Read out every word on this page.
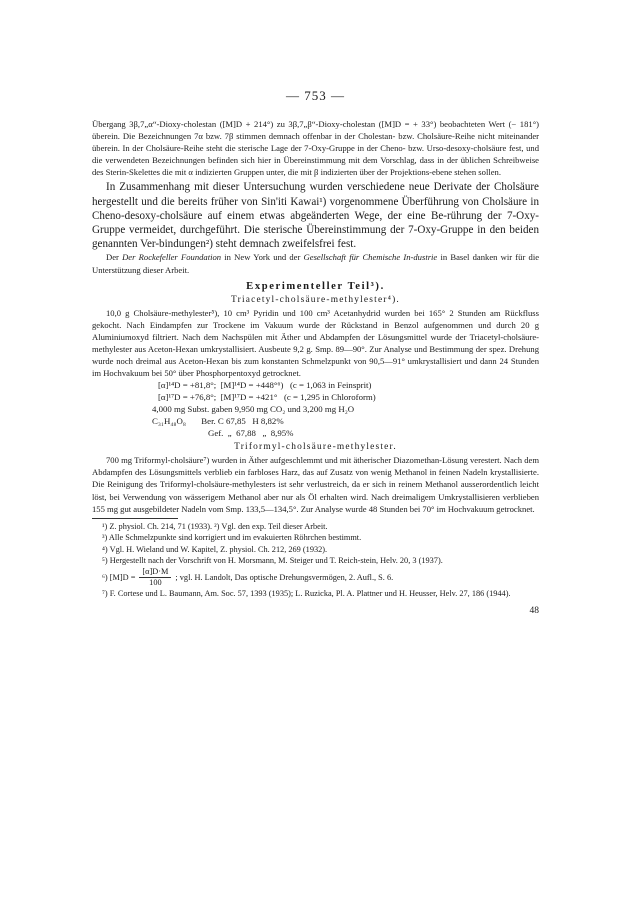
— 753 —

Übergang 3β,7„α“-Dioxy-cholestan ([M]D + 214°) zu 3β,7„β“-Dioxy-cholestan ([M]D = + 33°) beobachteten Wert (− 181°) überein. Die Bezeichnungen 7α bzw. 7β stimmen demnach offenbar in der Cholestan- bzw. Cholsäure-Reihe nicht miteinander überein. In der Cholsäure-Reihe steht die sterische Lage der 7-Oxy-Gruppe in der Cheno- bzw. Urso-desoxy-cholsäure fest, und die verwendeten Bezeichnungen befinden sich hier in Übereinstimmung mit dem Vorschlag, dass in der üblichen Schreibweise des Sterin-Skelettes die mit α indizierten Gruppen unter, die mit β indizierten über der Projektions-ebene stehen sollen.

In Zusammenhang mit dieser Untersuchung wurden verschiedene neue Derivate der Cholsäure hergestellt und die bereits früher von Sin'iti Kawai¹) vorgenommene Überführung von Cholsäure in Cheno-desoxy-cholsäure auf einem etwas abgeänderten Wege, der eine Be-rührung der 7-Oxy-Gruppe vermeidet, durchgeführt. Die sterische Übereinstimmung der 7-Oxy-Gruppe in den beiden genannten Ver-bindungen²) steht demnach zweifelsfrei fest.

Der Der Rockefeller Foundation in New York und der Gesellschaft für Chemische In-dustrie in Basel danken wir für die Unterstützung dieser Arbeit.

Experimenteller Teil³).
Triacetyl-cholsäure-methylester⁴).

10,0 g Cholsäure-methylester⁵), 10 cm³ Pyridin und 100 cm³ Acetanhydrid wurden bei 165° 2 Stunden am Rückfluss gekocht. Nach Eindampfen zur Trockene im Vakuum wurde der Rückstand in Benzol aufgenommen und durch 20 g Aluminiumoxyd filtriert. Nach dem Nachspülen mit Äther und Abdampfen der Lösungsmittel wurde der Triacetyl-cholsäure-methylester aus Aceton-Hexan umkrystallisiert. Ausbeute 9,2 g. Smp. 89—90°. Zur Analyse und Bestimmung der spez. Drehung wurde noch dreimal aus Aceton-Hexan bis zum konstanten Schmelzpunkt von 90,5—91° umkrystallisiert und dann 24 Stunden im Hochvakuum bei 50° über Phosphorpentoxyd getrocknet.

[α]¹⁴D = +81,8°;  [M]¹⁴D = +448°⁶)   (c = 1,063 in Feinsprit)

[α]¹⁷D = +76,8°;  [M]¹⁷D = +421°   (c = 1,295 in Chloroform)

4,000 mg Subst. gaben 9,950 mg CO₂ und 3,200 mg H₂O

C₃₁H₄₈O₈       Ber. C 67,85   H 8,82%

Gef.  „  67,88   „  8,95%

Triformyl-cholsäure-methylester.

700 mg Triformyl-cholsäure⁷) wurden in Äther aufgeschlemmt und mit ätherischer Diazomethan-Lösung verestert. Nach dem Abdampfen des Lösungsmittels verblieb ein farbloses Harz, das auf Zusatz von wenig Methanol in feinen Nadeln krystallisierte. Die Reinigung des Triformyl-cholsäure-methylesters ist sehr verlustreich, da er sich in reinem Methanol ausserordentlich leicht löst, bei Verwendung von wässerigem Methanol aber nur als Öl erhalten wird. Nach dreimaligem Umkrystallisieren verblieben 155 mg gut ausgebildeter Nadeln vom Smp. 133,5—134,5°. Zur Analyse wurde 48 Stunden bei 70° im Hochvakuum getrocknet.

¹) Z. physiol. Ch. 214, 71 (1933). ²) Vgl. den exp. Teil dieser Arbeit.

³) Alle Schmelzpunkte sind korrigiert und im evakuierten Röhrchen bestimmt.

⁴) Vgl. H. Wieland und W. Kapitel, Z. physiol. Ch. 212, 269 (1932).

⁵) Hergestellt nach der Vorschrift von H. Morsmann, M. Steiger und T. Reich-stein, Helv. 20, 3 (1937).

⁶) $[M]D = \frac{[\alpha]D\cdot M}{100}$ ; vgl. H. Landolt, Das optische Drehungsvermögen, 2. Aufl., S. 6.

⁷) F. Cortese und L. Baumann, Am. Soc. 57, 1393 (1935); L. Ruzicka, Pl. A. Plattner und H. Heusser, Helv. 27, 186 (1944).

48
